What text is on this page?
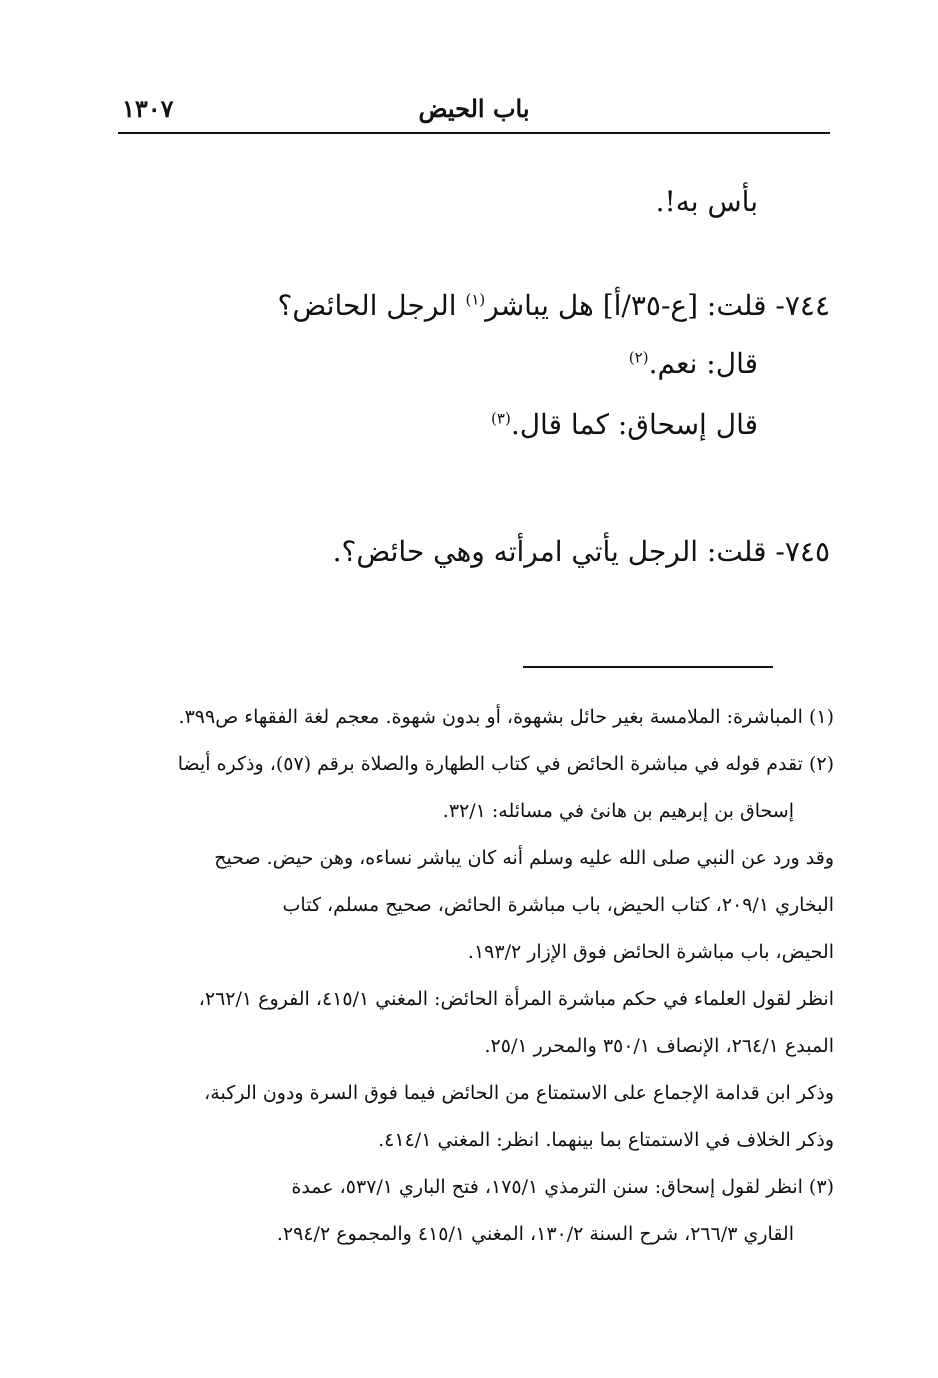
باب الحيض
١٣٠٧
بأس به!.
٧٤٤- قلت: [ع-٣٥/أ] هل يباشر$^{(١)}$ الرجل الحائض؟
قال: نعم.$^{(٢)}$
قال إسحاق: كما قال.$^{(٣)}$
٧٤٥- قلت: الرجل يأتي امرأته وهي حائض؟.
(١) المباشرة: الملامسة بغير حائل بشهوة، أو بدون شهوة. معجم لغة الفقهاء ص٣٩٩.
(٢) تقدم قوله في مباشرة الحائض في كتاب الطهارة والصلاة برقم (٥٧)، وذكره أيضا
إسحاق بن إبرهيم بن هانئ في مسائله: ٣٢/١.
وقد ورد عن النبي صلى الله عليه وسلم أنه كان يباشر نساءه، وهن حيض. صحيح
البخاري ٢٠٩/١، كتاب الحيض، باب مباشرة الحائض، صحيح مسلم، كتاب
الحيض، باب مباشرة الحائض فوق الإزار ١٩٣/٢.
انظر لقول العلماء في حكم مباشرة المرأة الحائض: المغني ٤١٥/١، الفروع ٢٦٢/١،
المبدع ٢٦٤/١، الإنصاف ٣٥٠/١ والمحرر ٢٥/١.
وذكر ابن قدامة الإجماع على الاستمتاع من الحائض فيما فوق السرة ودون الركبة،
وذكر الخلاف في الاستمتاع بما بينهما. انظر: المغني ٤١٤/١.
(٣) انظر لقول إسحاق: سنن الترمذي ١٧٥/١، فتح الباري ٥٣٧/١، عمدة
القاري ٢٦٦/٣، شرح السنة ١٣٠/٢، المغني ٤١٥/١ والمجموع ٢٩٤/٢.
